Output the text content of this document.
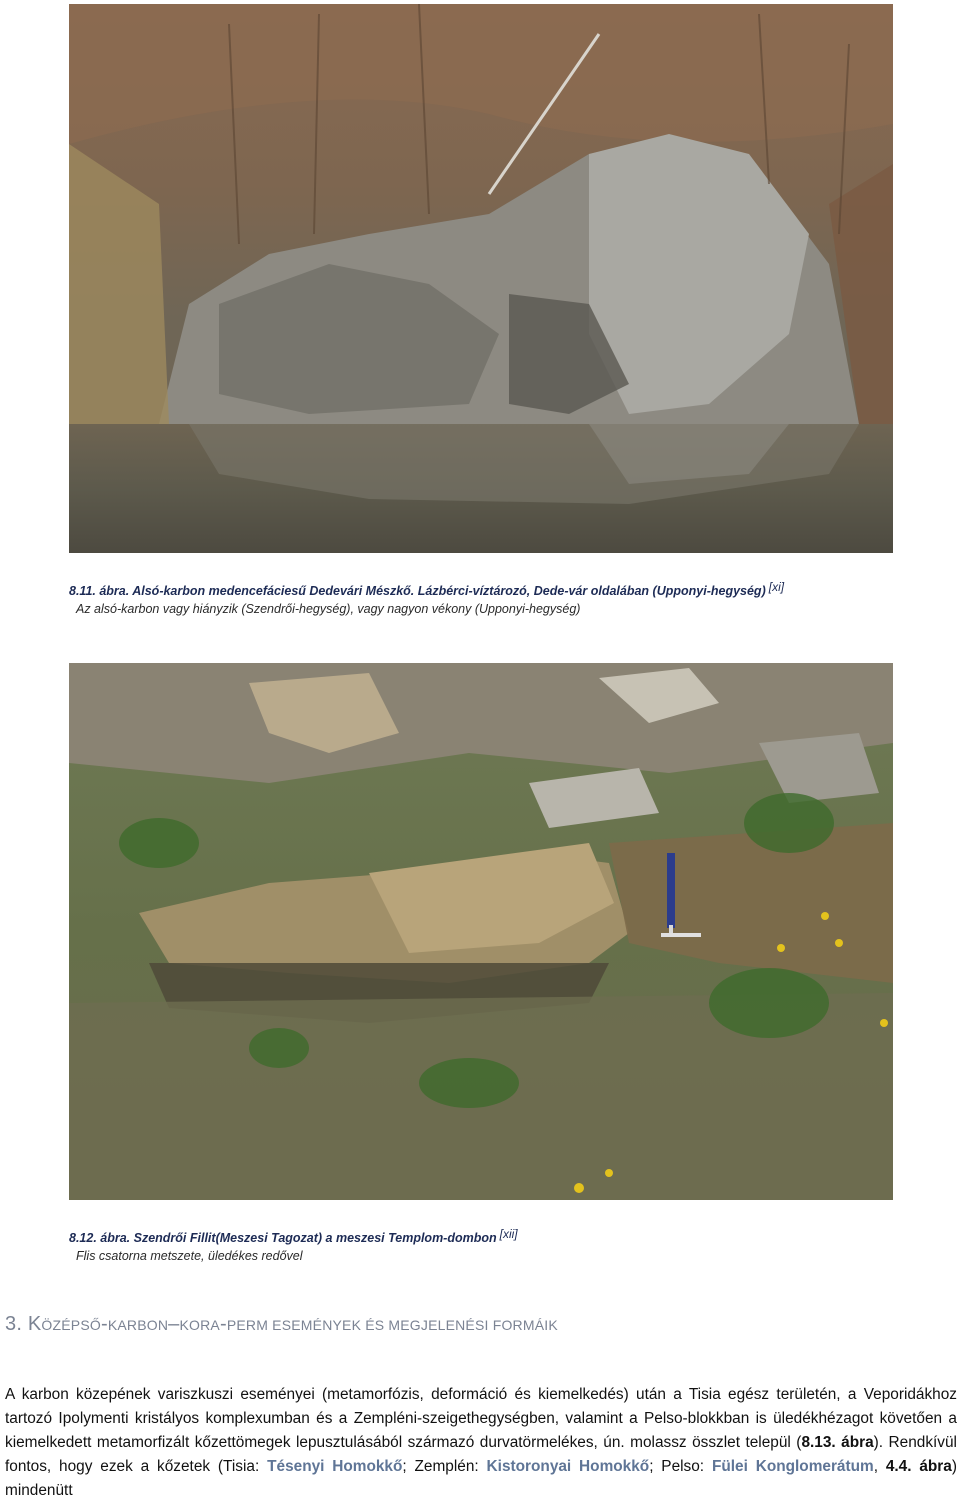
8.11. ábra. Alsó-karbon medencefáciesű Dedevári Mészkő. Lázbérci-víztározó, Dede-vár oldalában (Upponyi-hegység) [xi]
Az alsó-karbon vagy hiányzik (Szendrői-hegység), vagy nagyon vékony (Upponyi-hegység)
8.12. ábra. Szendrői Fillit(Meszesi Tagozat) a meszesi Templom-dombon [xii]
Flis csatorna metszete, üledékes redővel
3. KÖZÉPSŐ-KARBON–KORA-PERM ESEMÉNYEK ÉS MEGJELENÉSI FORMÁIK
A karbon közepének variszkuszi eseményei (metamorfózis, deformáció és kiemelkedés) után a Tisia egész területén, a Veporidákhoz tartozó Ipolymenti kristályos komplexumban és a Zempléni-szeigethegységben, valamint a Pelso-blokkban is üledékhézagot követően a kiemelkedett metamorfizált kőzettömegek lepusztulásából származó durvatörmelékes, ún. molassz összlet települ (8.13. ábra). Rendkívül fontos, hogy ezek a kőzetek (Tisia: Tésenyi Homokkő; Zemplén: Kistoronyai Homokkő; Pelso: Fülei Konglomerátum, 4.4. ábra) mindenütt
